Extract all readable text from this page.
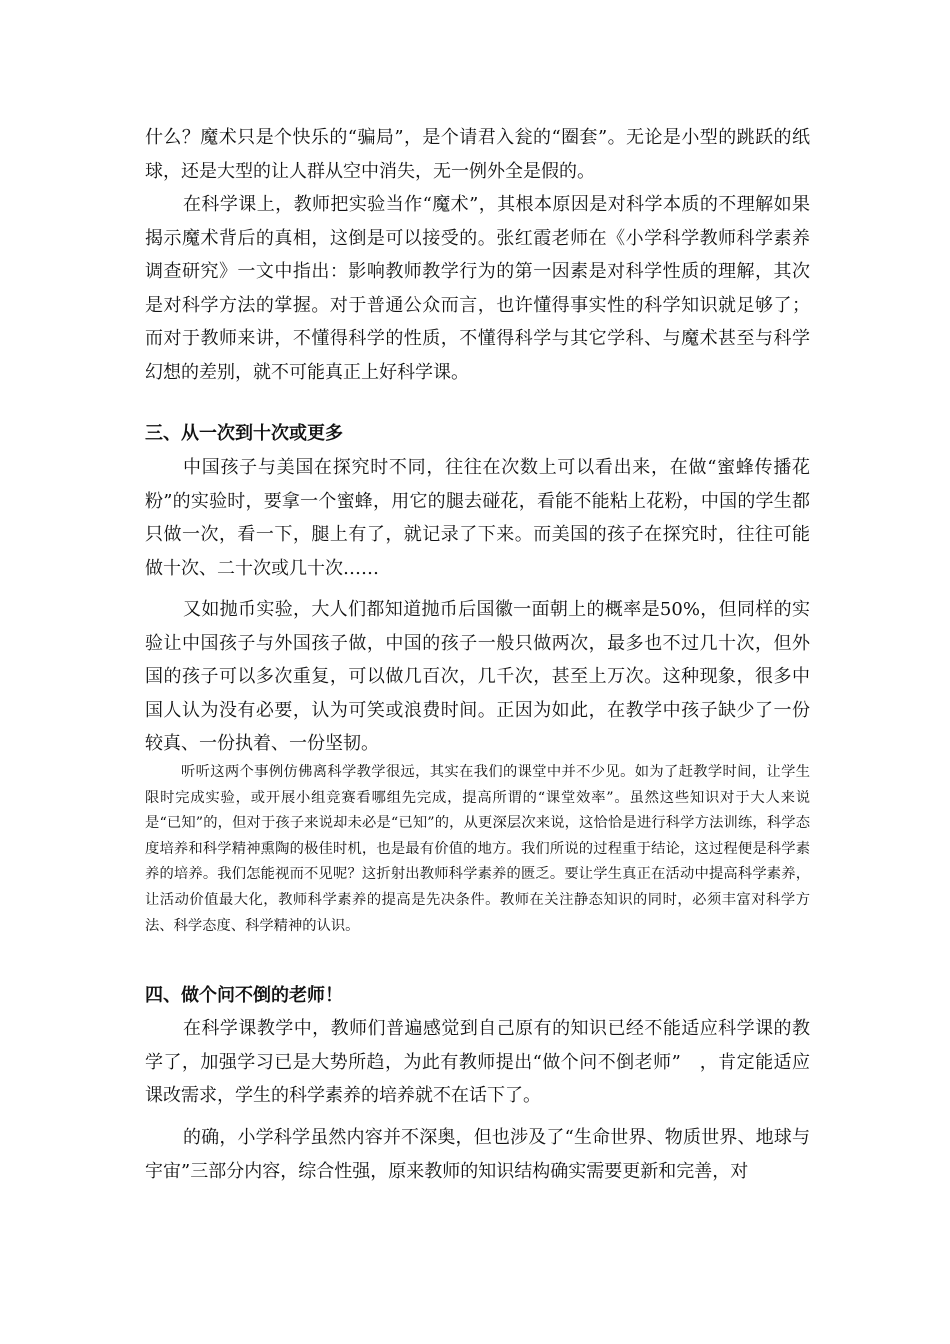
什么？魔术只是个快乐的“骗局”，是个请君入瓮的“圈套”。无论是小型的跳跃的纸球，还是大型的让人群从空中消失，无一例外全是假的。

在科学课上，教师把实验当作“魔术”，其根本原因是对科学本质的不理解如果揭示魔术背后的真相，这倒是可以接受的。张红霞老师在《小学科学教师科学素养调查研究》一文中指出：影响教师教学行为的第一因素是对科学性质的理解，其次是对科学方法的掌握。对于普通公众而言，也许懂得事实性的科学知识就足够了；而对于教师来讲，不懂得科学的性质，不懂得科学与其它学科、与魔术甚至与科学幻想的差别，就不可能真正上好科学课。

三、从一次到十次或更多

中国孩子与美国在探究时不同，往往在次数上可以看出来，在做“蜜蜂传播花粉”的实验时，要拿一个蜜蜂，用它的腿去碰花，看能不能粘上花粉，中国的学生都只做一次，看一下，腿上有了，就记录了下来。而美国的孩子在探究时，往往可能做十次、二十次或几十次……

又如抛币实验，大人们都知道抛币后国徽一面朝上的概率是50%，但同样的实验让中国孩子与外国孩子做，中国的孩子一般只做两次，最多也不过几十次，但外国的孩子可以多次重复，可以做几百次，几千次，甚至上万次。这种现象，很多中国人认为没有必要，认为可笑或浪费时间。正因为如此，在教学中孩子缺少了一份较真、一份执着、一份坚韧。

听听这两个事例仿佛离科学教学很远，其实在我们的课堂中并不少见。如为了赶教学时间，让学生限时完成实验，或开展小组竞赛看哪组先完成，提高所谓的“课堂效率”。虽然这些知识对于大人来说是“已知”的，但对于孩子来说却未必是“已知”的，从更深层次来说，这恰恰是进行科学方法训练，科学态度培养和科学精神熏陶的极佳时机，也是最有价值的地方。我们所说的过程重于结论，这过程便是科学素养的培养。我们怎能视而不见呢？这折射出教师科学素养的匮乏。要让学生真正在活动中提高科学素养，让活动价值最大化，教师科学素养的提高是先决条件。教师在关注静态知识的同时，必须丰富对科学方法、科学态度、科学精神的认识。

四、做个问不倒的老师！

在科学课教学中，教师们普遍感觉到自己原有的知识已经不能适应科学课的教学了，加强学习已是大势所趋，为此有教师提出“做个问不倒老师”　，肯定能适应课改需求，学生的科学素养的培养就不在话下了。

的确，小学科学虽然内容并不深奥，但也涉及了“生命世界、物质世界、地球与宇宙”三部分内容，综合性强，原来教师的知识结构确实需要更新和完善，对
